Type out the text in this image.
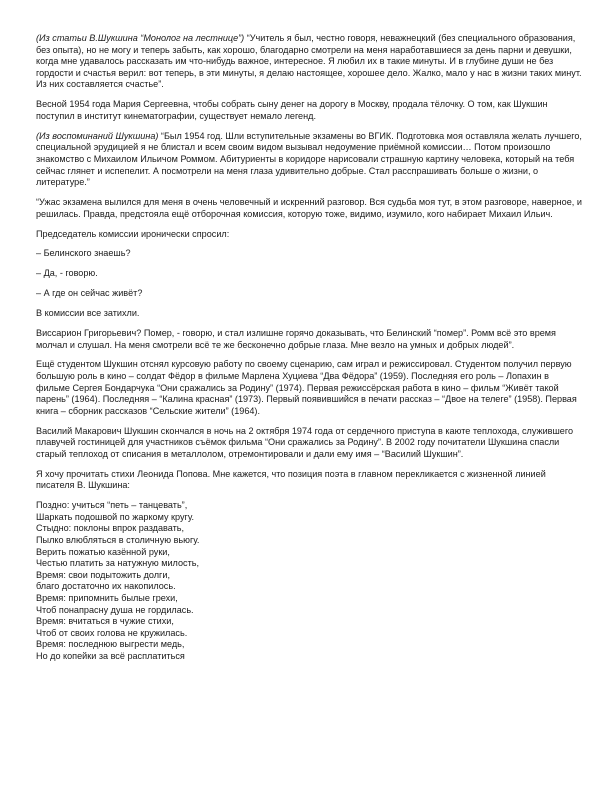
(Из статьи В.Шукшина “Монолог на лестнице”) “Учитель я был, честно говоря, неважнецкий (без специального образования, без опыта), но не могу и теперь забыть, как хорошо, благодарно смотрели на меня наработавшиеся за день парни и девушки, когда мне удавалось рассказать им что-нибудь важное, интересное. Я любил их в такие минуты. И в глубине души не без гордости и счастья верил: вот теперь, в эти минуты, я делаю настоящее, хорошее дело. Жалко, мало у нас в жизни таких минут. Из них составляется счастье”.

Весной 1954 года Мария Сергеевна, чтобы собрать сыну денег на дорогу в Москву, продала тёлочку. О том, как Шукшин поступил в институт кинематографии, существует немало легенд.

(Из воспоминаний Шукшина) “Был 1954 год. Шли вступительные экзамены во ВГИК. Подготовка моя оставляла желать лучшего, специальной эрудицией я не блистал и всем своим видом вызывал недоумение приёмной комиссии… Потом произошло знакомство с Михаилом Ильичом Роммом. Абитуриенты в коридоре нарисовали страшную картину человека, который на тебя сейчас глянет и испепелит. А посмотрели на меня глаза удивительно добрые. Стал расспрашивать больше о жизни, о литературе.”

“Ужас экзамена вылился для меня в очень человечный и искренний разговор. Вся судьба моя тут, в этом разговоре, наверное, и решилась. Правда, предстояла ещё отборочная комиссия, которую тоже, видимо, изумило, кого набирает Михаил Ильич.

Председатель комиссии иронически спросил:

– Белинского знаешь?

– Да, - говорю.

– А где он сейчас живёт?

В комиссии все затихли.

Виссарион Григорьевич? Помер, - говорю, и стал излишне горячо доказывать, что Белинский “помер”. Ромм всё это время молчал и слушал. На меня смотрели всё те же бесконечно добрые глаза. Мне везло на умных и добрых людей”.

Ещё студентом Шукшин отснял курсовую работу по своему сценарию, сам играл и режиссировал. Студентом получил первую большую роль в кино – солдат Фёдор в фильме Марлена Хуциева “Два Фёдора” (1959). Последняя его роль – Лопахин в фильме Сергея Бондарчука “Они сражались за Родину” (1974). Первая режиссёрская работа в кино – фильм “Живёт такой парень” (1964). Последняя – “Калина красная” (1973). Первый появившийся в печати рассказ – “Двое на телеге” (1958). Первая книга – сборник рассказов “Сельские жители” (1964).

Василий Макарович Шукшин скончался в ночь на 2 октября 1974 года от сердечного приступа в каюте теплохода, служившего плавучей гостиницей для участников съёмок фильма “Они сражались за Родину”. В 2002 году почитатели Шукшина спасли старый теплоход от списания в металлолом, отремонтировали и дали ему имя – “Василий Шукшин”.

Я хочу прочитать стихи Леонида Попова. Мне кажется, что позиция поэта в главном перекликается с жизненной линией писателя В. Шукшина:

Поздно: учиться “петь – танцевать”,
Шаркать подошвой по жаркому кругу.
Стыдно: поклоны впрок раздавать,
Пылко влюбляться в столичную вьюгу.
Верить пожатью казённой руки,
Честью платить за натужную милость,
Время: свои подытожить долги,
благо достаточно их накопилось.
Время: припомнить былые грехи,
Чтоб понапрасну душа не гордилась.
Время: вчитаться в чужие стихи,
Чтоб от своих голова не кружилась.
Время: последнюю выгрести медь,
Но до копейки за всё расплатиться
